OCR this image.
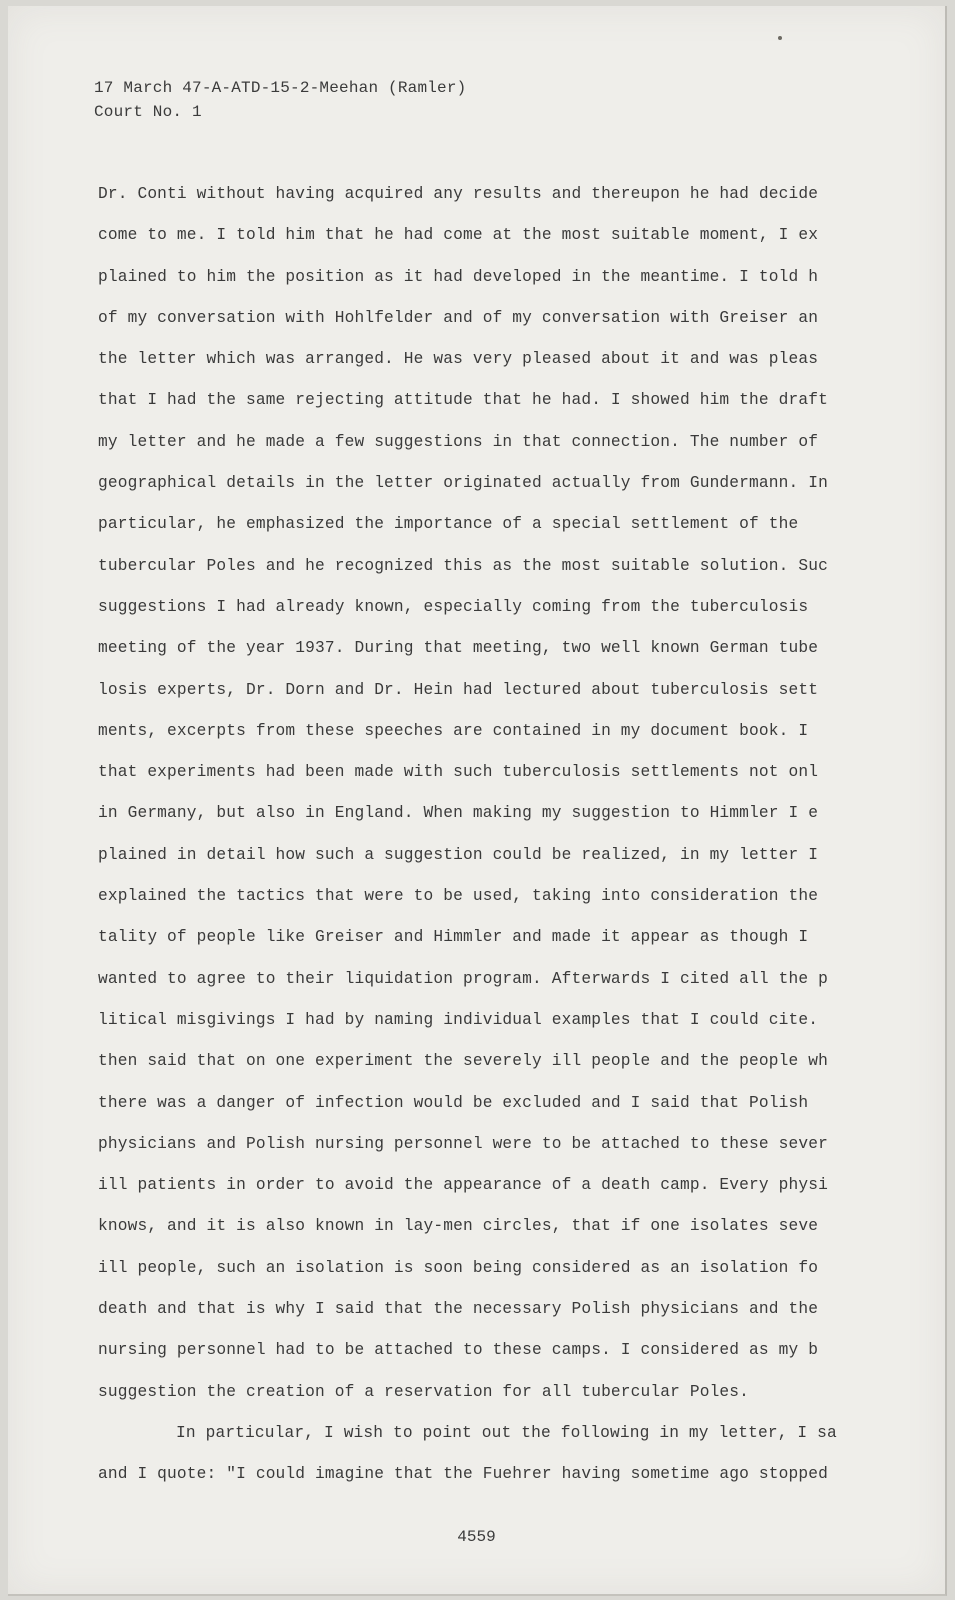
17 March 47-A-ATD-15-2-Meehan (Ramler)
Court No. 1
Dr. Conti without having acquired any results and thereupon he had decide
come to me. I told him that he had come at the most suitable moment, I ex
plained to him the position as it had developed in the meantime. I told h
of my conversation with Hohlfelder and of my conversation with Greiser an
the letter which was arranged. He was very pleased about it and was pleas
that I had the same rejecting attitude that he had. I showed him the draft
my letter and he made a few suggestions in that connection. The number of
geographical details in the letter originated actually from Gundermann. In
particular, he emphasized the importance of a special settlement of the
tubercular Poles and he recognized this as the most suitable solution. Suc
suggestions I had already known, especially coming from the tuberculosis
meeting of the year 1937. During that meeting, two well known German tube
losis experts, Dr. Dorn and Dr. Hein had lectured about tuberculosis sett
ments, excerpts from these speeches are contained in my document book. I
that experiments had been made with such tuberculosis settlements not onl
in Germany, but also in England. When making my suggestion to Himmler I e
plained in detail how such a suggestion could be realized, in my letter I
explained the tactics that were to be used, taking into consideration the
tality of people like Greiser and Himmler and made it appear as though I
wanted to agree to their liquidation program. Afterwards I cited all the p
litical misgivings I had by naming individual examples that I could cite.
then said that on one experiment the severely ill people and the people wh
there was a danger of infection would be excluded and I said that Polish
physicians and Polish nursing personnel were to be attached to these sever
ill patients in order to avoid the appearance of a death camp. Every physi
knows, and it is also known in lay-men circles, that if one isolates seve
ill people, such an isolation is soon being considered as an isolation fo
death and that is why I said that the necessary Polish physicians and the
nursing personnel had to be attached to these camps. I considered as my b
suggestion the creation of a reservation for all tubercular Poles.
In particular, I wish to point out the following in my letter, I sa
and I quote: "I could imagine that the Fuehrer having sometime ago stopped
4559
